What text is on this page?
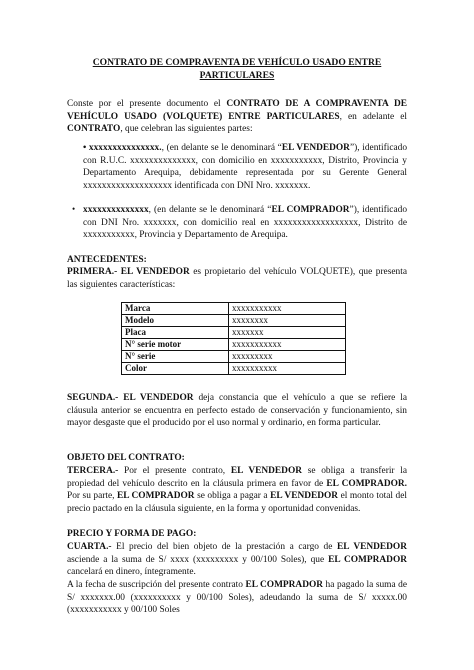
CONTRATO DE COMPRAVENTA DE VEHÍCULO USADO ENTRE PARTICULARES
Conste por el presente documento el CONTRATO DE A COMPRAVENTA DE VEHÍCULO USADO (VOLQUETE) ENTRE PARTICULARES, en adelante el CONTRATO, que celebran las siguientes partes:
• xxxxxxxxxxxxxxx., (en delante se le denominará “EL VENDEDOR”), identificado con R.U.C. xxxxxxxxxxxxxx, con domicilio en xxxxxxxxxxx, Distrito, Provincia y Departamento Arequipa, debidamente representada por su Gerente General xxxxxxxxxxxxxxxxxxx identificada con DNI Nro. xxxxxxx.
• xxxxxxxxxxxxxx, (en delante se le denominará “EL COMPRADOR”), identificado con DNI Nro. xxxxxxx, con domicilio real en xxxxxxxxxxxxxxxxxx, Distrito de xxxxxxxxxxx, Provincia y Departamento de Arequipa.
ANTECEDENTES:
PRIMERA.- EL VENDEDOR es propietario del vehículo VOLQUETE), que presenta las siguientes características:
Marca	xxxxxxxxxxx
Modelo	xxxxxxxx
Placa	xxxxxxx
N° serie motor	xxxxxxxxxxx
N° serie	xxxxxxxxx
Color	xxxxxxxxxx
SEGUNDA.- EL VENDEDOR deja constancia que el vehículo a que se refiere la cláusula anterior se encuentra en perfecto estado de conservación y funcionamiento, sin mayor desgaste que el producido por el uso normal y ordinario, en forma particular.
OBJETO DEL CONTRATO:
TERCERA.- Por el presente contrato, EL VENDEDOR se obliga a transferir la propiedad del vehículo descrito en la cláusula primera en favor de EL COMPRADOR. Por su parte, EL COMPRADOR se obliga a pagar a EL VENDEDOR el monto total del precio pactado en la cláusula siguiente, en la forma y oportunidad convenidas.
PRECIO Y FORMA DE PAGO:
CUARTA.- El precio del bien objeto de la prestación a cargo de EL VENDEDOR asciende a la suma de S/ xxxx (xxxxxxxxx y 00/100 Soles), que EL COMPRADOR cancelará en dinero, íntegramente.
A la fecha de suscripción del presente contrato EL COMPRADOR ha pagado la suma de S/ xxxxxxx.00 (xxxxxxxxxx y 00/100 Soles), adeudando la suma de S/ xxxxx.00 (xxxxxxxxxxx y 00/100 Soles
